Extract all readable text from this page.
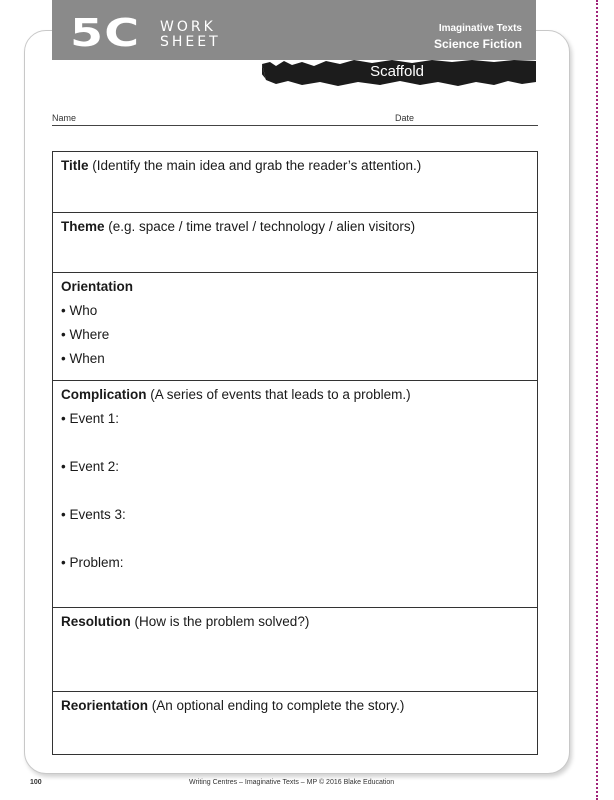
5C WORK
SHEET
Imaginative Texts
Science Fiction
Scaffold
Name	Date
Title (Identify the main idea and grab the reader’s attention.)
Theme (e.g. space / time travel / technology / alien visitors)
Orientation
• Who
• Where
• When
Complication (A series of events that leads to a problem.)
• Event 1:
• Event 2:
• Events 3:
• Problem:
Resolution (How is the problem solved?)
Reorientation (An optional ending to complete the story.)
100	Writing Centres – Imaginative Texts – MP © 2016 Blake Education
